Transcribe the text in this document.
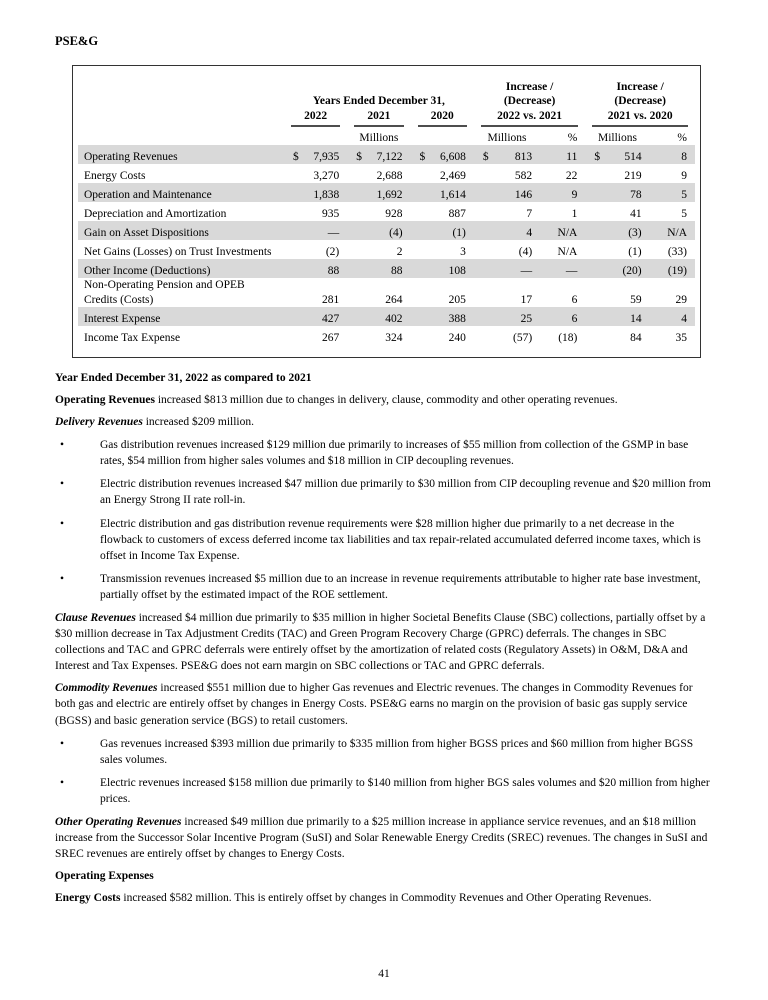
PSE&G

	Years Ended December 31,	
Increase /
(Decrease)

Increase /
(Decrease)

	2022		2021		2020		2022 vs. 2021			2021 vs. 2020		

	Millions						Millions		%	Millions		%
Operating Revenues	$	7,935	$	7,122	$	6,608	$	813	11	$	514	8
Energy Costs		3,270		2,688		2,469		582	22		219	9
Operation and Maintenance		1,838		1,692		1,614		146	9		78	5
Depreciation and Amortization		935		928		887		7	1		41	5
Gain on Asset Dispositions		—		(4)		(1)		4	N/A		(3)	N/A
Net Gains (Losses) on Trust Investments		(2)		2		3		(4)	N/A		(1)	(33)
Other Income (Deductions)		88		88		108		—	—		(20)	(19)
Non-Operating Pension and OPEB Credits (Costs)		281		264		205		17	6		59	29
Interest Expense		427		402		388		25	6		14	4
Income Tax Expense		267		324		240		(57)	(18)		84	35

Year Ended December 31, 2022 as compared to 2021

Operating Revenues increased $813 million due to changes in delivery, clause, commodity and other operating revenues.

Delivery Revenues increased $209 million.

•	Gas distribution revenues increased $129 million due primarily to increases of $55 million from collection of the GSMP in base rates, $54 million from higher sales volumes and $18 million in CIP decoupling revenues.
•	Electric distribution revenues increased $47 million due primarily to $30 million from CIP decoupling revenue and $20 million from an Energy Strong II rate roll-in.
•	Electric distribution and gas distribution revenue requirements were $28 million higher due primarily to a net decrease in the flowback to customers of excess deferred income tax liabilities and tax repair-related accumulated deferred income taxes, which is offset in Income Tax Expense.
•	Transmission revenues increased $5 million due to an increase in revenue requirements attributable to higher rate base investment, partially offset by the estimated impact of the ROE settlement.

Clause Revenues increased $4 million due primarily to $35 million in higher Societal Benefits Clause (SBC) collections, partially offset by a $30 million decrease in Tax Adjustment Credits (TAC) and Green Program Recovery Charge (GPRC) deferrals. The changes in SBC collections and TAC and GPRC deferrals were entirely offset by the amortization of related costs (Regulatory Assets) in O&M, D&A and Interest and Tax Expenses. PSE&G does not earn margin on SBC collections or TAC and GPRC deferrals.

Commodity Revenues increased $551 million due to higher Gas revenues and Electric revenues. The changes in Commodity Revenues for both gas and electric are entirely offset by changes in Energy Costs. PSE&G earns no margin on the provision of basic gas supply service (BGSS) and basic generation service (BGS) to retail customers.

•	Gas revenues increased $393 million due primarily to $335 million from higher BGSS prices and $60 million from higher BGSS sales volumes.
•	Electric revenues increased $158 million due primarily to $140 million from higher BGS sales volumes and $20 million from higher prices.

Other Operating Revenues increased $49 million due primarily to a $25 million increase in appliance service revenues, and an $18 million increase from the Successor Solar Incentive Program (SuSI) and Solar Renewable Energy Credits (SREC) revenues. The changes in SuSI and SREC revenues are entirely offset by changes to Energy Costs.

Operating Expenses

Energy Costs increased $582 million. This is entirely offset by changes in Commodity Revenues and Other Operating Revenues.

41
